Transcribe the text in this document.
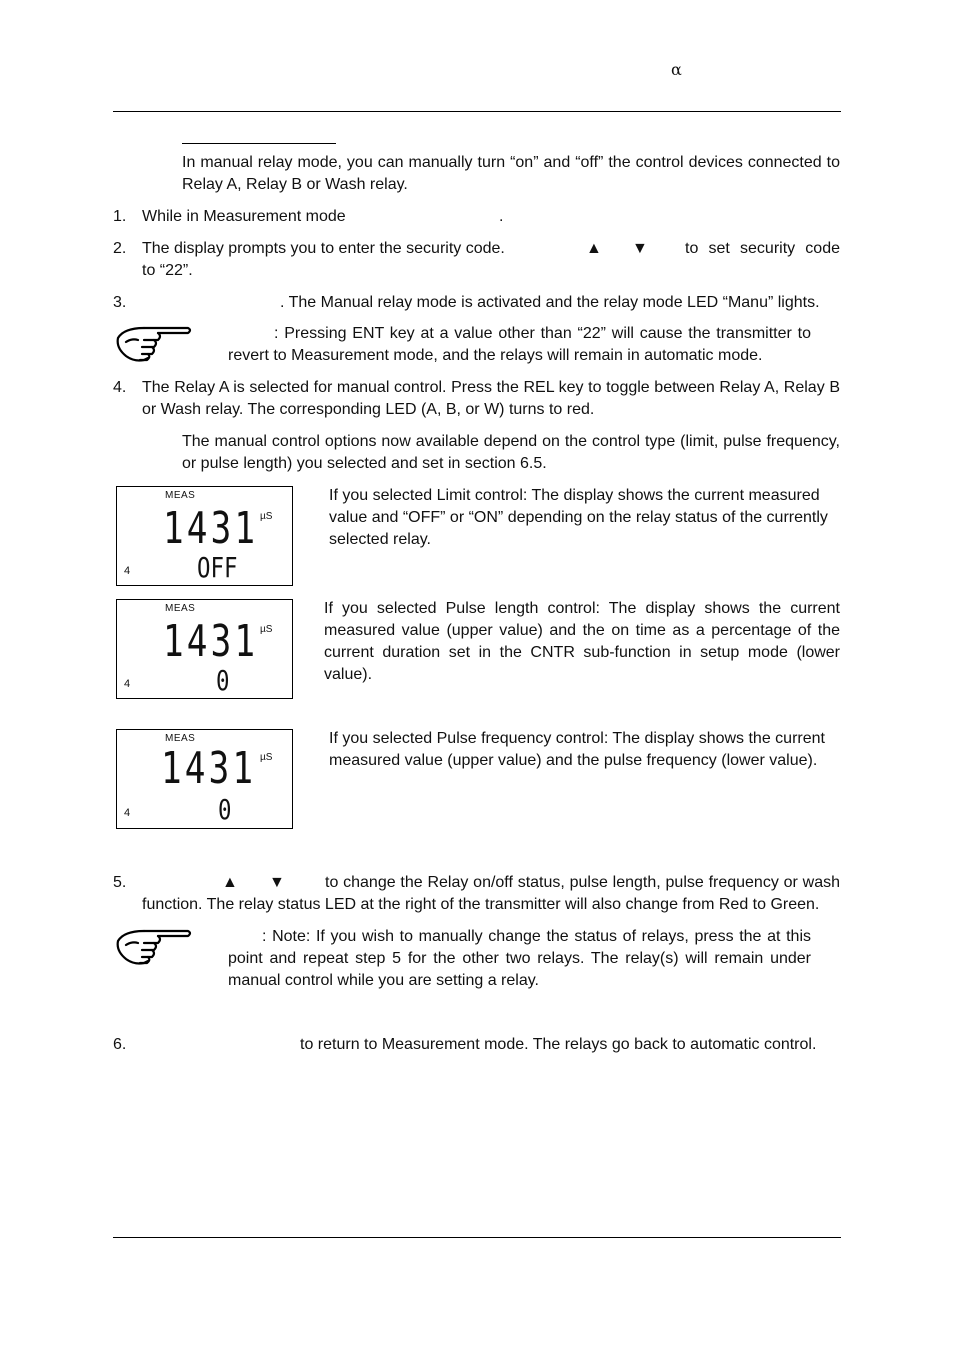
α
In manual relay mode, you can manually turn “on” and “off” the control devices connected to Relay A, Relay B or Wash relay.
1. While in Measurement mode	.
2. The display prompts you to enter the security code.	▲ ▼	to set security code to “22”.
3.	. The Manual relay mode is activated and the relay mode LED “Manu” lights.
: Pressing ENT key at a value other than “22” will cause the transmitter to revert to Measurement mode, and the relays will remain in automatic mode.
4. The Relay A is selected for manual control. Press the REL key to toggle between Relay A, Relay B or Wash relay. The corresponding LED (A, B, or W) turns to red.
The manual control options now available depend on the control type (limit, pulse frequency, or pulse length) you selected and set in section 6.5.
MEAS
1431 µS
4 OFF
If you selected Limit control: The display shows the current measured value and “OFF” or “ON” depending on the relay status of the currently selected relay.
MEAS
1431 µS
4	0
If you selected Pulse length control: The display shows the current measured value (upper value) and the on time as a percentage of the current duration set in the CNTR sub-function in setup mode (lower value).
MEAS
1431 µS
4	0
If you selected Pulse frequency control: The display shows the current measured value (upper value) and the pulse frequency (lower value).
5.	▲ ▼	to change the Relay on/off status, pulse length, pulse frequency or wash function. The relay status LED at the right of the transmitter will also change from Red to Green.
: Note: If you wish to manually change the status of relays, press the at this point and repeat step 5 for the other two relays. The relay(s) will remain under manual control while you are setting a relay.
6.	to return to Measurement mode. The relays go back to automatic control.
